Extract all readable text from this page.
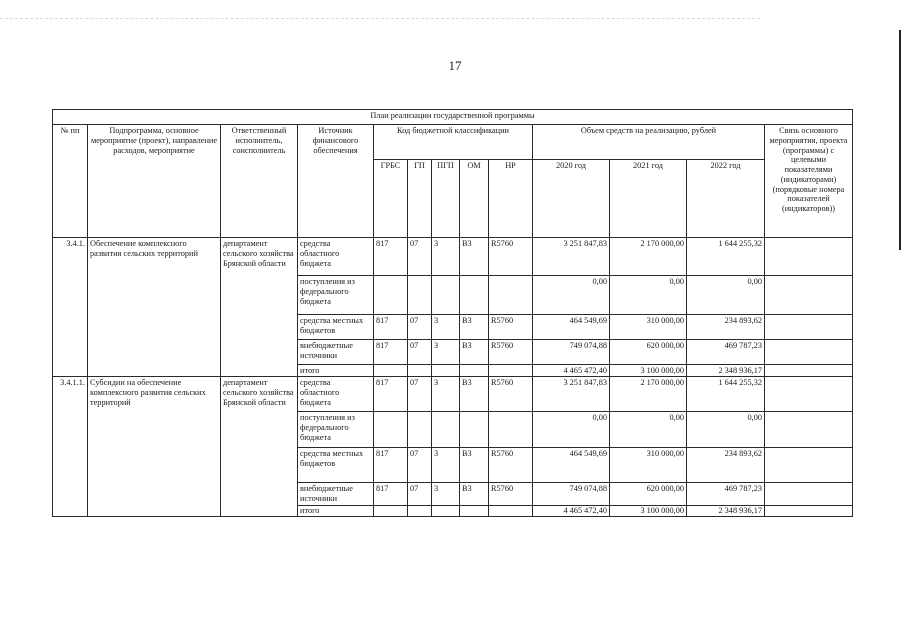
17
План реализации государственной программы												
№ пп	Подпрограмма, основное мероприятие (проект), направление расходов, мероприятие	Ответственный исполнитель, соисполнитель	Источник финансового обеспечения	Код бюджетной классификации					Объем средств на реализацию, рублей			Связь основного мероприятия, проекта (программы) с целевыми показателями (индикаторами) (порядковые номера показателей (индикаторов))
				ГРБС	ГП	ПГП	ОМ	НР	2020 год	2021 год	2022 год	
3.4.1.	Обеспечение комплексного развития сельских территорий	департамент сельского хозяйства Брянской области	средства областного бюджета	817	07	3	В3	R5760	3 251 847,83	2 170 000,00	1 644 255,32	
			поступления из федерального бюджета						0,00	0,00	0,00	
			средства местных бюджетов	817	07	3	В3	R5760	464 549,69	310 000,00	234 893,62	
			внебюджетные источники	817	07	3	В3	R5760	749 074,88	620 000,00	469 787,23	
			итого						4 465 472,40	3 100 000,00	2 348 936,17	
3.4.1.1.	Субсидии на обеспечение комплексного развития сельских территорий	департамент сельского хозяйства Брянской области	средства областного бюджета	817	07	3	В3	R5760	3 251 847,83	2 170 000,00	1 644 255,32	
			поступления из федерального бюджета						0,00	0,00	0,00	
			средства местных бюджетов	817	07	3	В3	R5760	464 549,69	310 000,00	234 893,62	
			внебюджетные источники	817	07	3	В3	R5760	749 074,88	620 000,00	469 787,23	
			итого						4 465 472,40	3 100 000,00	2 348 936,17	
